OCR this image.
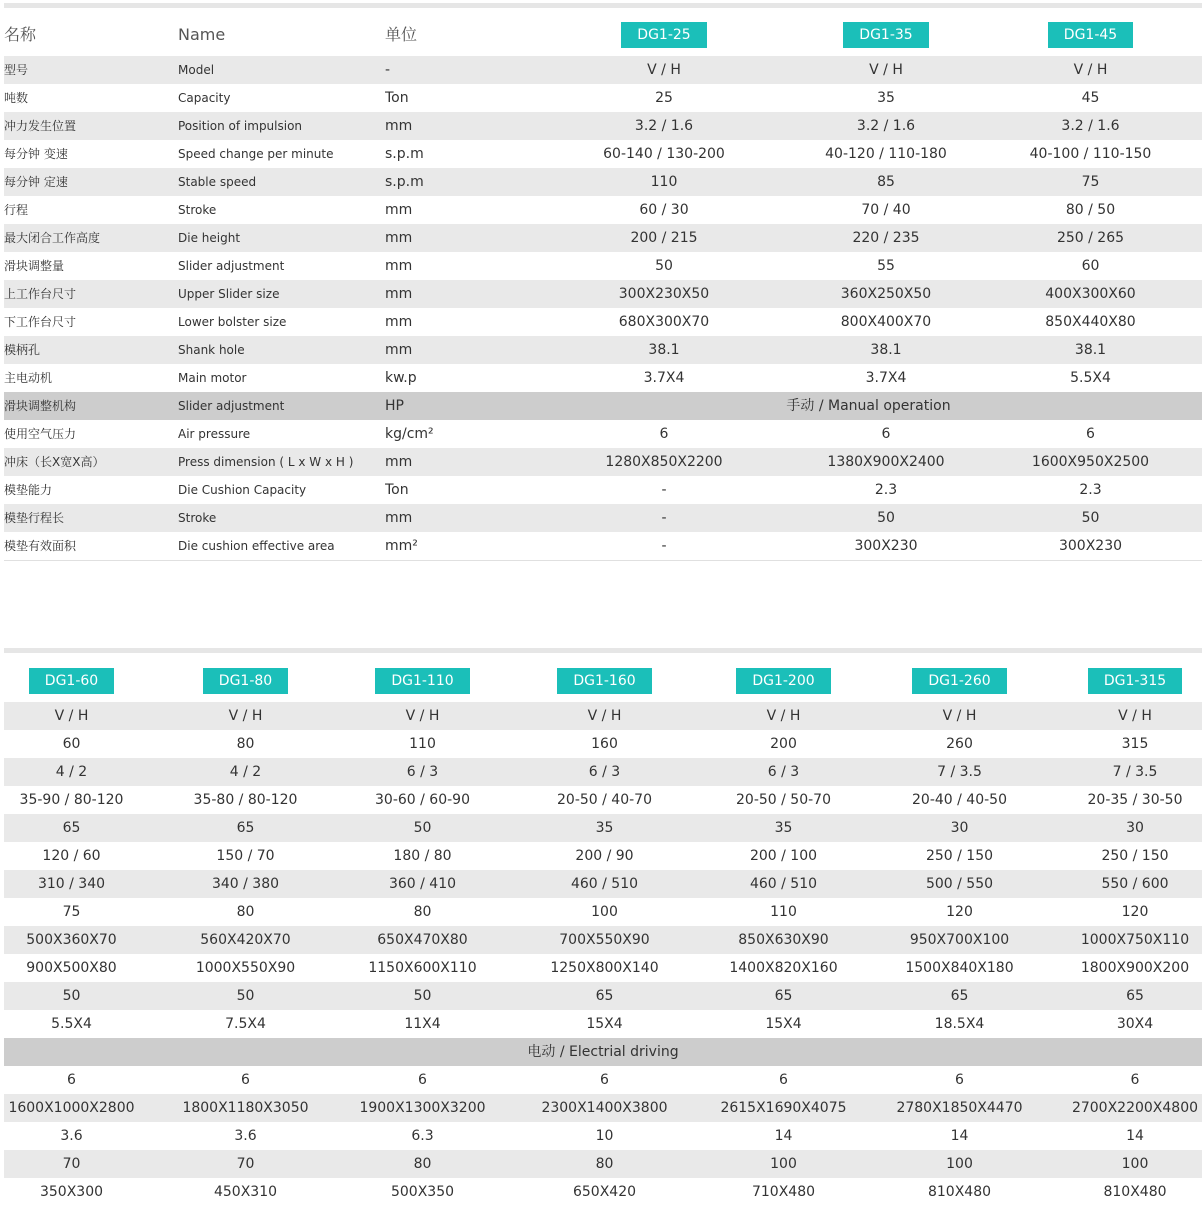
名称	Name	单位	DG1-25	DG1-35	DG1-45
型号	Model	-	V / H	V / H	V / H
吨数	Capacity	Ton	25	35	45
冲力发生位置	Position of impulsion	mm	3.2 / 1.6	3.2 / 1.6	3.2 / 1.6
每分钟 变速	Speed change per minute	s.p.m	60-140 / 130-200	40-120 / 110-180	40-100 / 110-150
每分钟 定速	Stable speed	s.p.m	110	85	75
行程	Stroke	mm	60 / 30	70 / 40	80 / 50
最大闭合工作高度	Die height	mm	200 / 215	220 / 235	250 / 265
滑块调整量	Slider adjustment	mm	50	55	60
上工作台尺寸	Upper Slider size	mm	300X230X50	360X250X50	400X300X60
下工作台尺寸	Lower bolster size	mm	680X300X70	800X400X70	850X440X80
模柄孔	Shank hole	mm	38.1	38.1	38.1
主电动机	Main motor	kw.p	3.7X4	3.7X4	5.5X4
滑块调整机构	Slider adjustment	HP	手动 / Manual operation		
使用空气压力	Air pressure	kg/cm²	6	6	6
冲床（长X宽X高）	Press dimension ( L x W x H )	mm	1280X850X2200	1380X900X2400	1600X950X2500
模垫能力	Die Cushion Capacity	Ton	-	2.3	2.3
模垫行程长	Stroke	mm	-	50	50
模垫有效面积	Die cushion effective area	mm²	-	300X230	300X230
DG1-60	DG1-80	DG1-110	DG1-160	DG1-200	DG1-260	DG1-315
V / H	V / H	V / H	V / H	V / H	V / H	V / H
60	80	110	160	200	260	315
4 / 2	4 / 2	6 / 3	6 / 3	6 / 3	7 / 3.5	7 / 3.5
35-90 / 80-120	35-80 / 80-120	30-60 / 60-90	20-50 / 40-70	20-50 / 50-70	20-40 / 40-50	20-35 / 30-50
65	65	50	35	35	30	30
120 / 60	150 / 70	180 / 80	200 / 90	200 / 100	250 / 150	250 / 150
310 / 340	340 / 380	360 / 410	460 / 510	460 / 510	500 / 550	550 / 600
75	80	80	100	110	120	120
500X360X70	560X420X70	650X470X80	700X550X90	850X630X90	950X700X100	1000X750X110
900X500X80	1000X550X90	1150X600X110	1250X800X140	1400X820X160	1500X840X180	1800X900X200
50	50	50	65	65	65	65
5.5X4	7.5X4	11X4	15X4	15X4	18.5X4	30X4
电动 / Electrial driving						
6	6	6	6	6	6	6
1600X1000X2800	1800X1180X3050	1900X1300X3200	2300X1400X3800	2615X1690X4075	2780X1850X4470	2700X2200X4800
3.6	3.6	6.3	10	14	14	14
70	70	80	80	100	100	100
350X300	450X310	500X350	650X420	710X480	810X480	810X480
